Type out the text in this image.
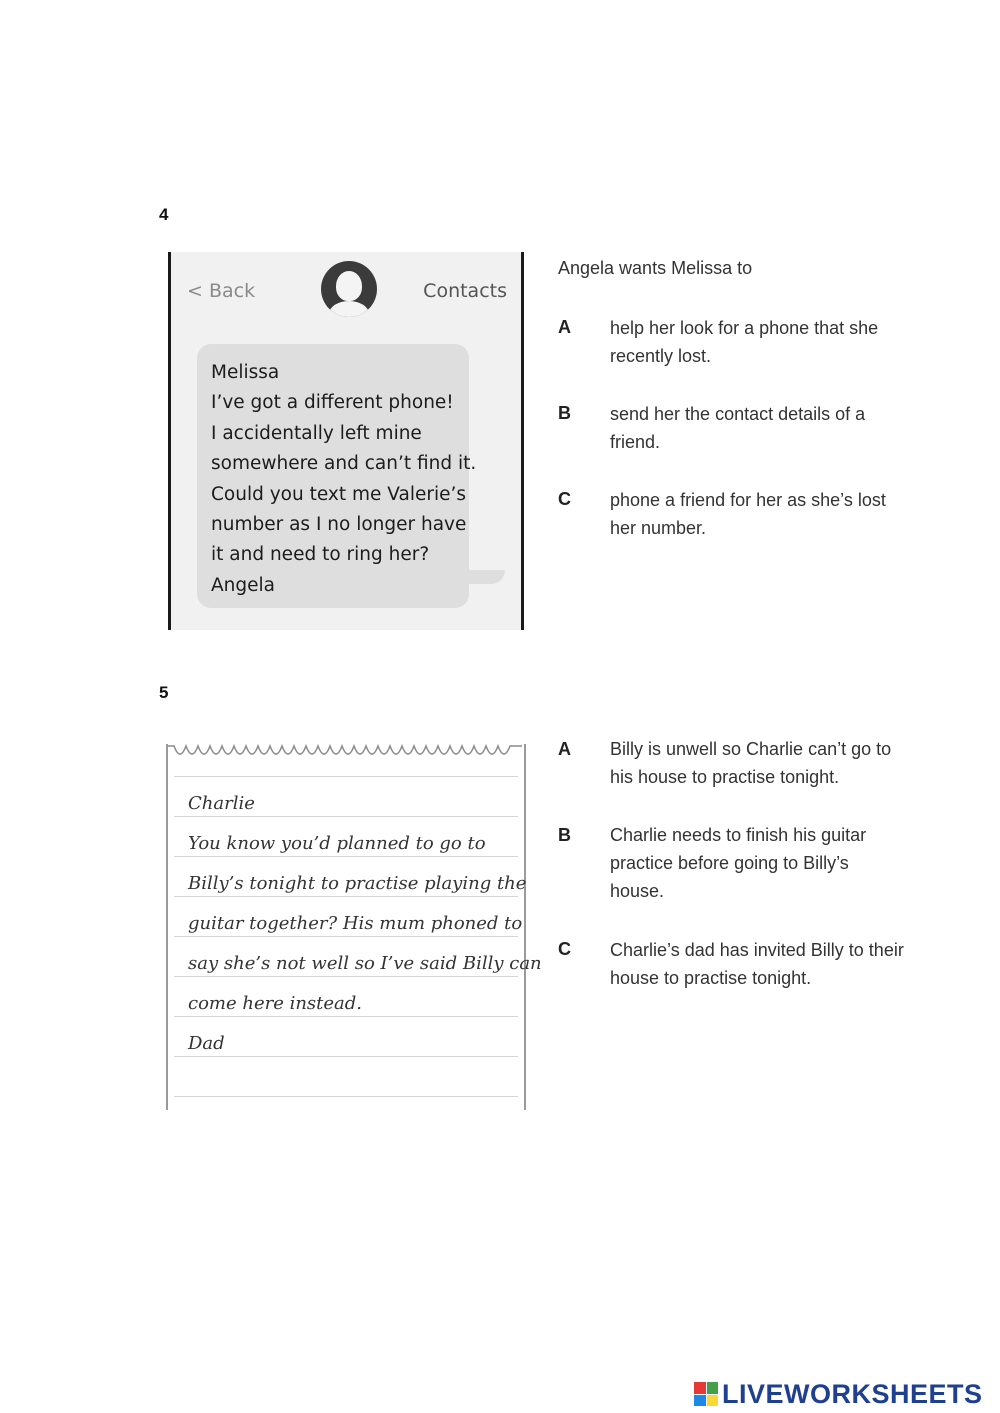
4
< Back	Contacts

Melissa

I’ve got a different phone!

I accidentally left mine

somewhere and can’t find it.

Could you text me Valerie’s

number as I no longer have

it and need to ring her?

Angela

Angela wants Melissa to
A help her look for a phone that she
recently lost.
B send her the contact details of a
friend.
C phone a friend for her as she’s lost
her number.
5

Charlie

You know you’d planned to go to

Billy’s tonight to practise playing the

guitar together? His mum phoned to

say she’s not well so I’ve said Billy can

come here instead.

Dad

A Billy is unwell so Charlie can’t go to
his house to practise tonight.
B Charlie needs to finish his guitar
practice before going to Billy’s
house.
C Charlie’s dad has invited Billy to their
house to practise tonight.
LIVEWORKSHEETS
